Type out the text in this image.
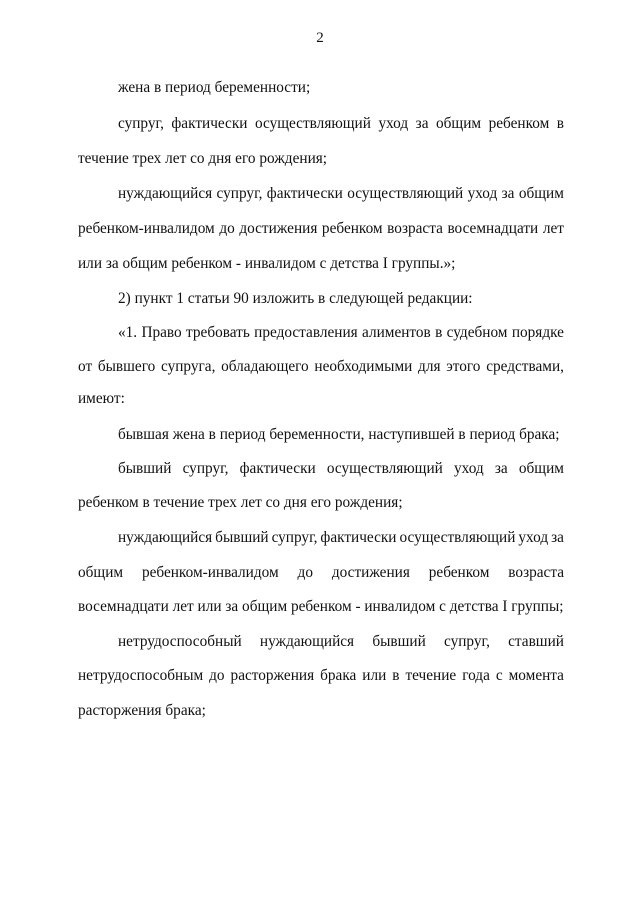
2
жена в период беременности;
супруг, фактически осуществляющий уход за общим ребенком в
течение трех лет со дня его рождения;
нуждающийся супруг, фактически осуществляющий уход за общим
ребенком-инвалидом до достижения ребенком возраста восемнадцати лет
или за общим ребенком - инвалидом с детства I группы.»;
2) пункт 1 статьи 90 изложить в следующей редакции:
«1. Право требовать предоставления алиментов в судебном порядке
от бывшего супруга, обладающего необходимыми для этого средствами,
имеют:
бывшая жена в период беременности, наступившей в период брака;
бывший супруг, фактически осуществляющий уход за общим
ребенком в течение трех лет со дня его рождения;
нуждающийся бывший супруг, фактически осуществляющий уход за
общим ребенком-инвалидом до достижения ребенком возраста
восемнадцати лет или за общим ребенком - инвалидом с детства I группы;
нетрудоспособный нуждающийся бывший супруг, ставший
нетрудоспособным до расторжения брака или в течение года с момента
расторжения брака;
